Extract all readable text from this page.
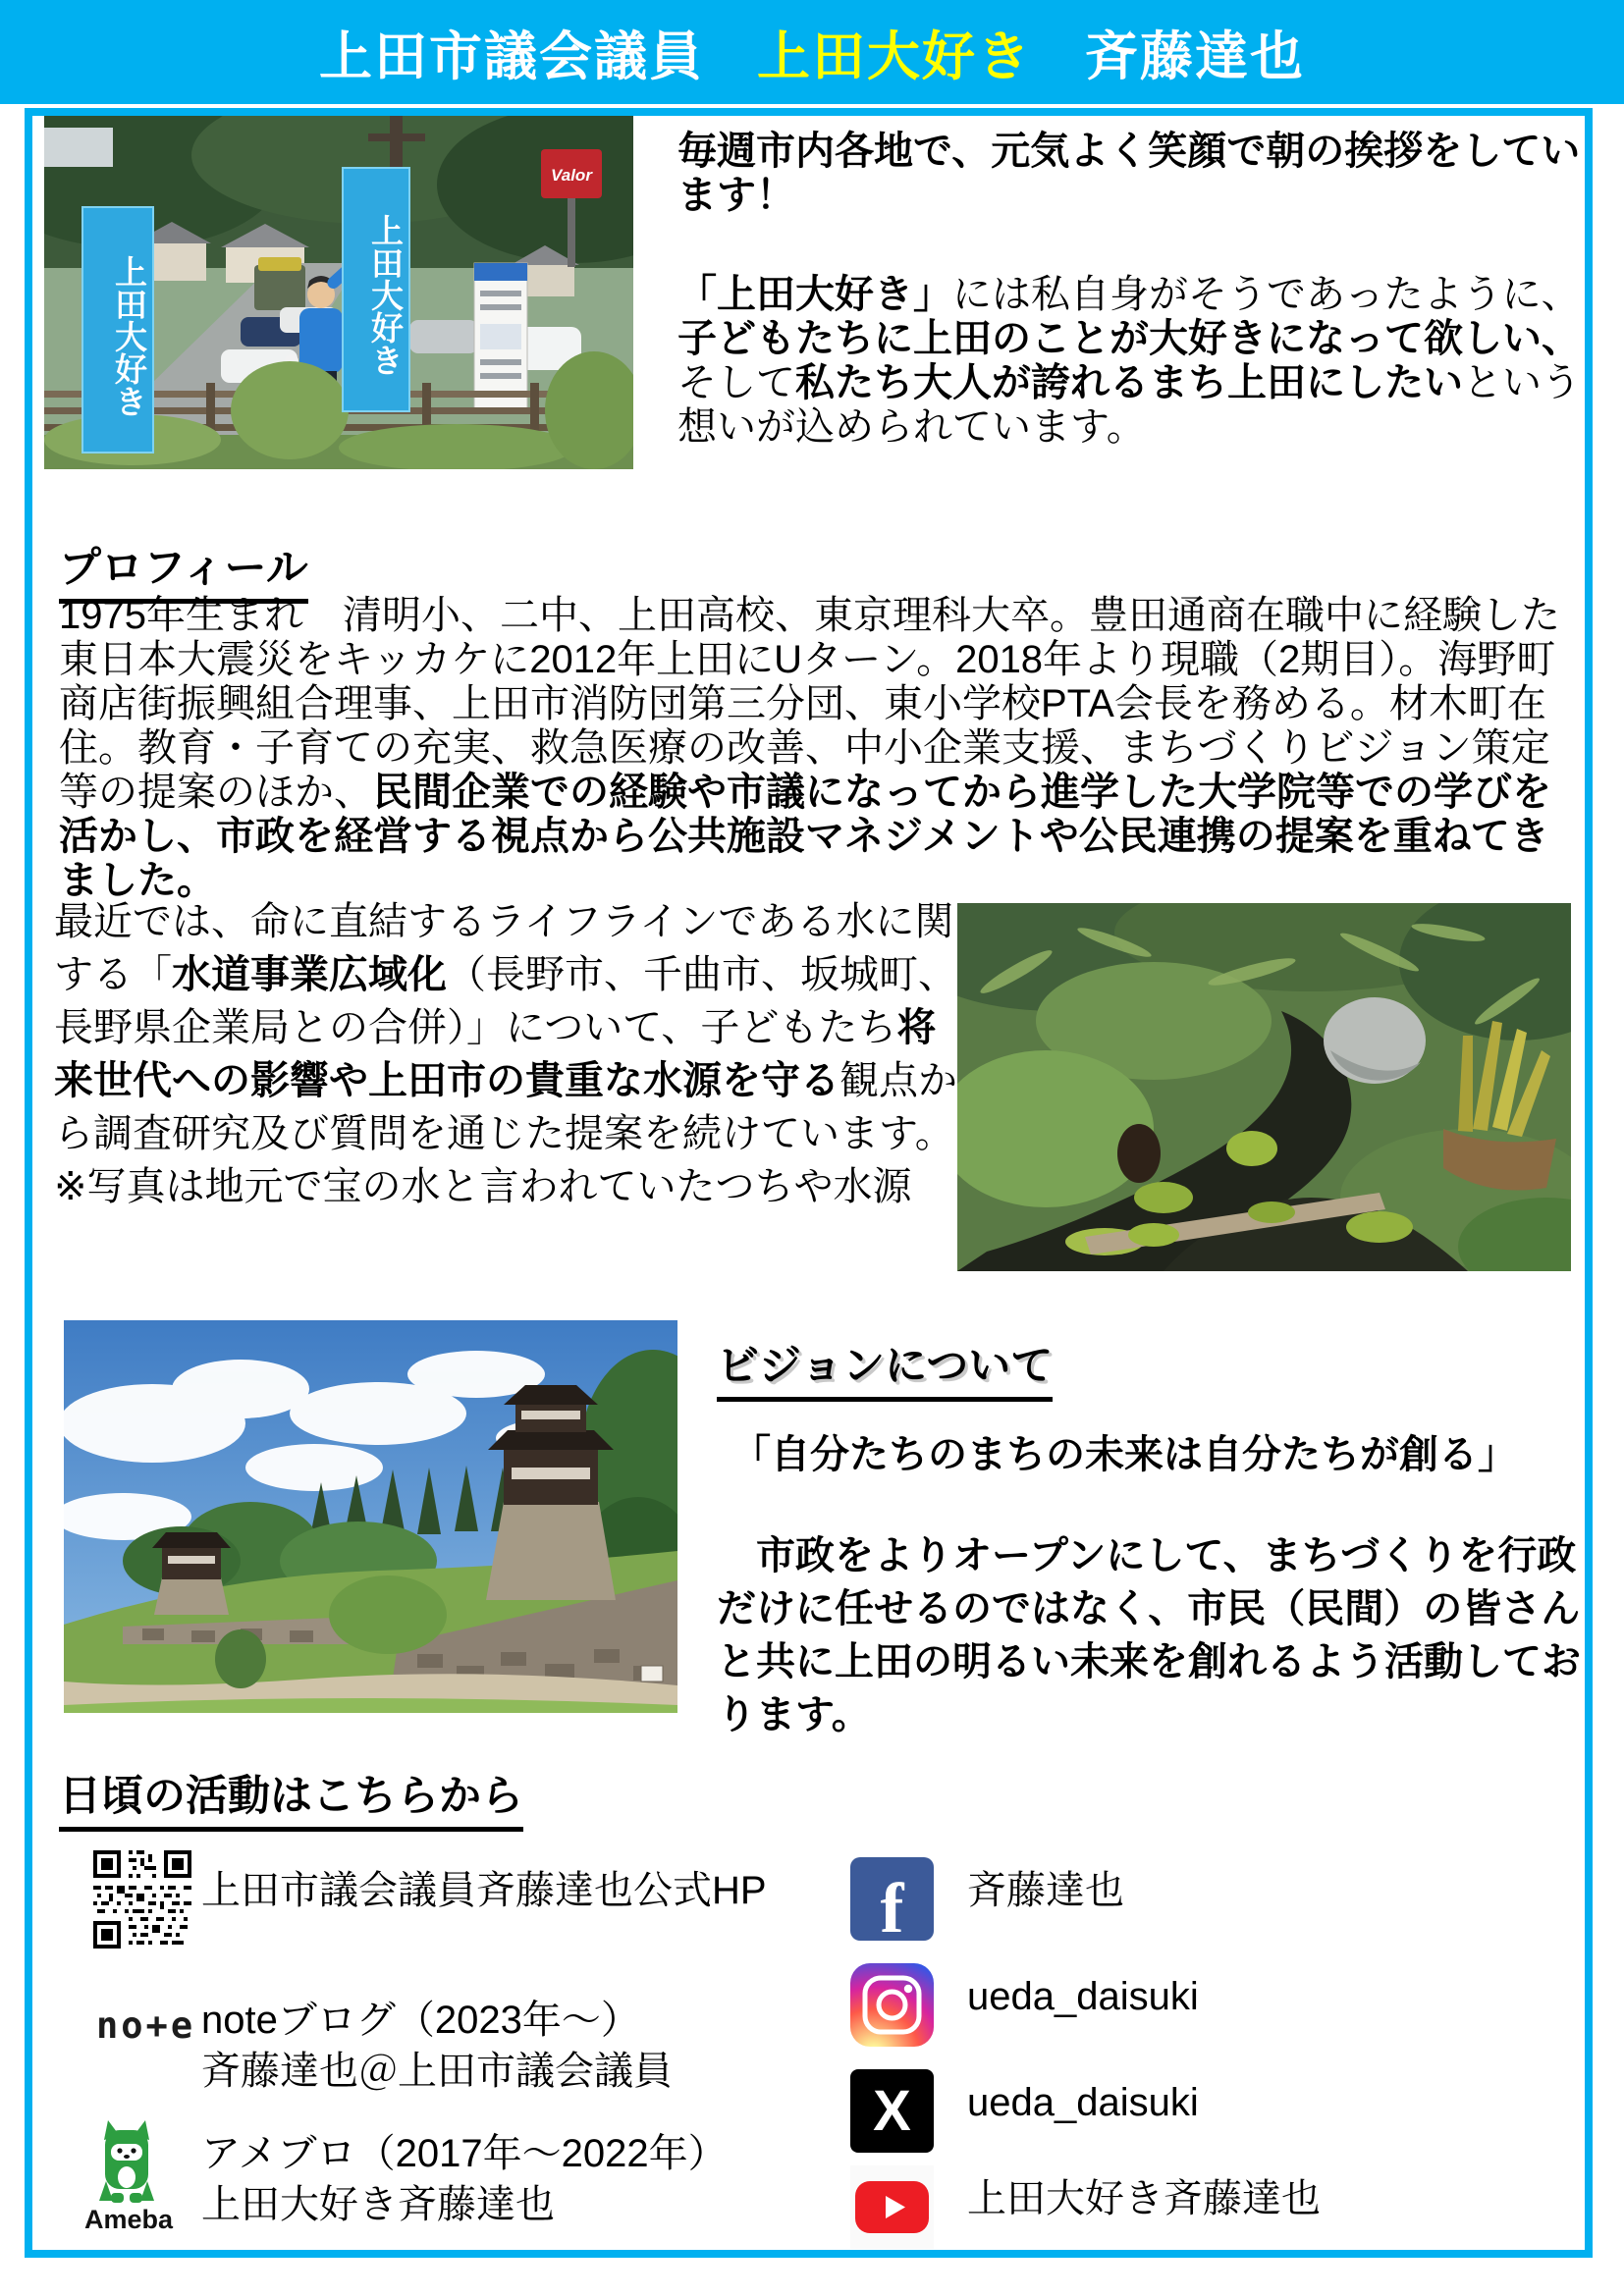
上田市議会議員 上田大好き 斉藤達也
Valor
上田大好き	上田大好き
毎週市内各地で、元気よく笑顔で朝の挨拶をしています！
「上田大好き」には私自身がそうであったように、子どもたちに上田のことが大好きになって欲しい、そして私たち大人が誇れるまち上田にしたいという想いが込められています。
プロフィール
1975年生まれ　清明小、二中、上田高校、東京理科大卒。豊田通商在職中に経験した東日本大震災をキッカケに2012年上田にUターン。2018年より現職（2期目）。海野町商店街振興組合理事、上田市消防団第三分団、東小学校PTA会長を務める。材木町在住。教育・子育ての充実、救急医療の改善、中小企業支援、まちづくりビジョン策定等の提案のほか、民間企業での経験や市議になってから進学した大学院等での学びを活かし、市政を経営する視点から公共施設マネジメントや公民連携の提案を重ねてきました。
最近では、命に直結するライフラインである水に関する「水道事業広域化（長野市、千曲市、坂城町、長野県企業局との合併）」について、子どもたち将来世代への影響や上田市の貴重な水源を守る観点から調査研究及び質問を通じた提案を続けています。※写真は地元で宝の水と言われていたつちや水源
ビジョンについて
「自分たちのまちの未来は自分たちが創る」
　市政をよりオープンにして、まちづくりを行政だけに任せるのではなく、市民（民間）の皆さんと共に上田の明るい未来を創れるよう活動しております。
日頃の活動はこちらから
上田市議会議員斉藤達也公式HP
no+e noteブログ（2023年～）
斉藤達也＠上田市議会議員
Ameba
アメブロ（2017年～2022年）
上田大好き斉藤達也
f 斉藤達也
ueda_daisuki
X ueda_daisuki
上田大好き斉藤達也
